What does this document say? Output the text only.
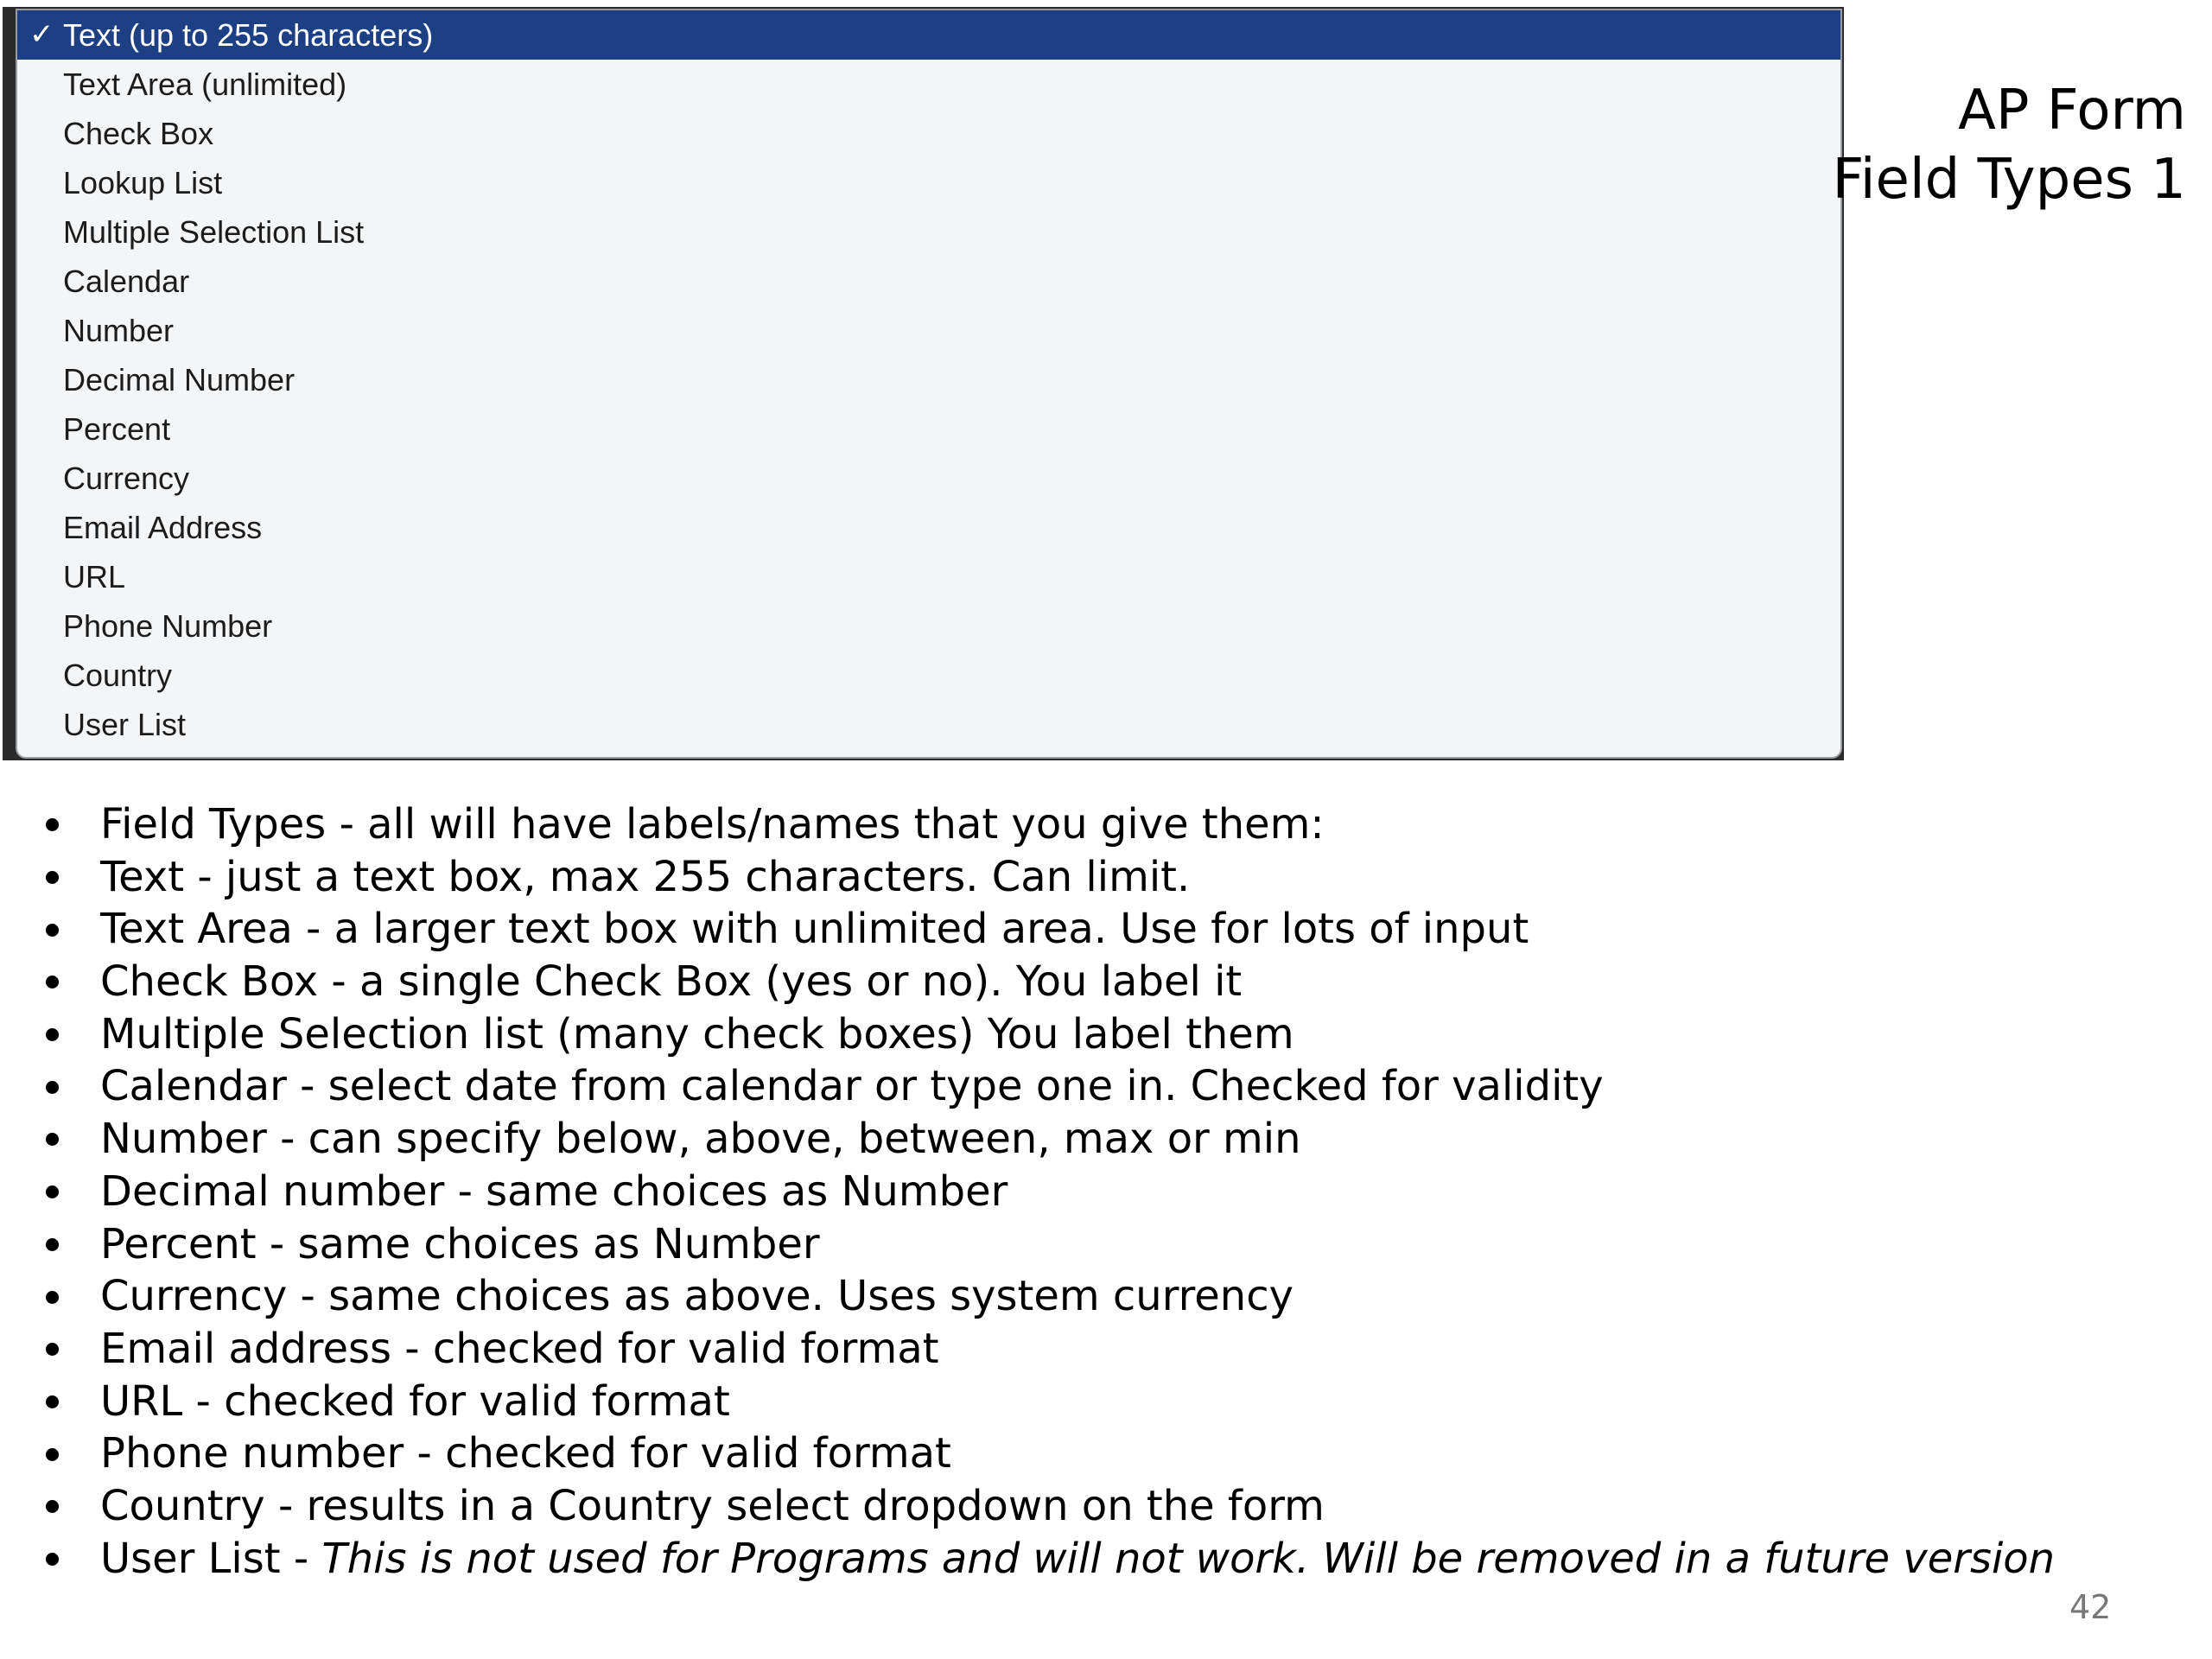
✓ Text (up to 255 characters)
Text Area (unlimited)
Check Box
Lookup List
Multiple Selection List
Calendar
Number
Decimal Number
Percent
Currency
Email Address
URL
Phone Number
Country
User List
AP Form
Field Types 1
Field Types - all will have labels/names that you give them:
Text - just a text box, max 255 characters. Can limit.
Text Area - a larger text box with unlimited area. Use for lots of input
Check Box - a single Check Box (yes or no). You label it
Multiple Selection list (many check boxes) You label them
Calendar - select date from calendar or type one in. Checked for validity
Number - can specify below, above, between, max or min
Decimal number - same choices as Number
Percent - same choices as Number
Currency - same choices as above. Uses system currency
Email address - checked for valid format
URL - checked for valid format
Phone number - checked for valid format
Country - results in a Country select dropdown on the form
User List - This is not used for Programs and will not work. Will be removed in a future version
42
